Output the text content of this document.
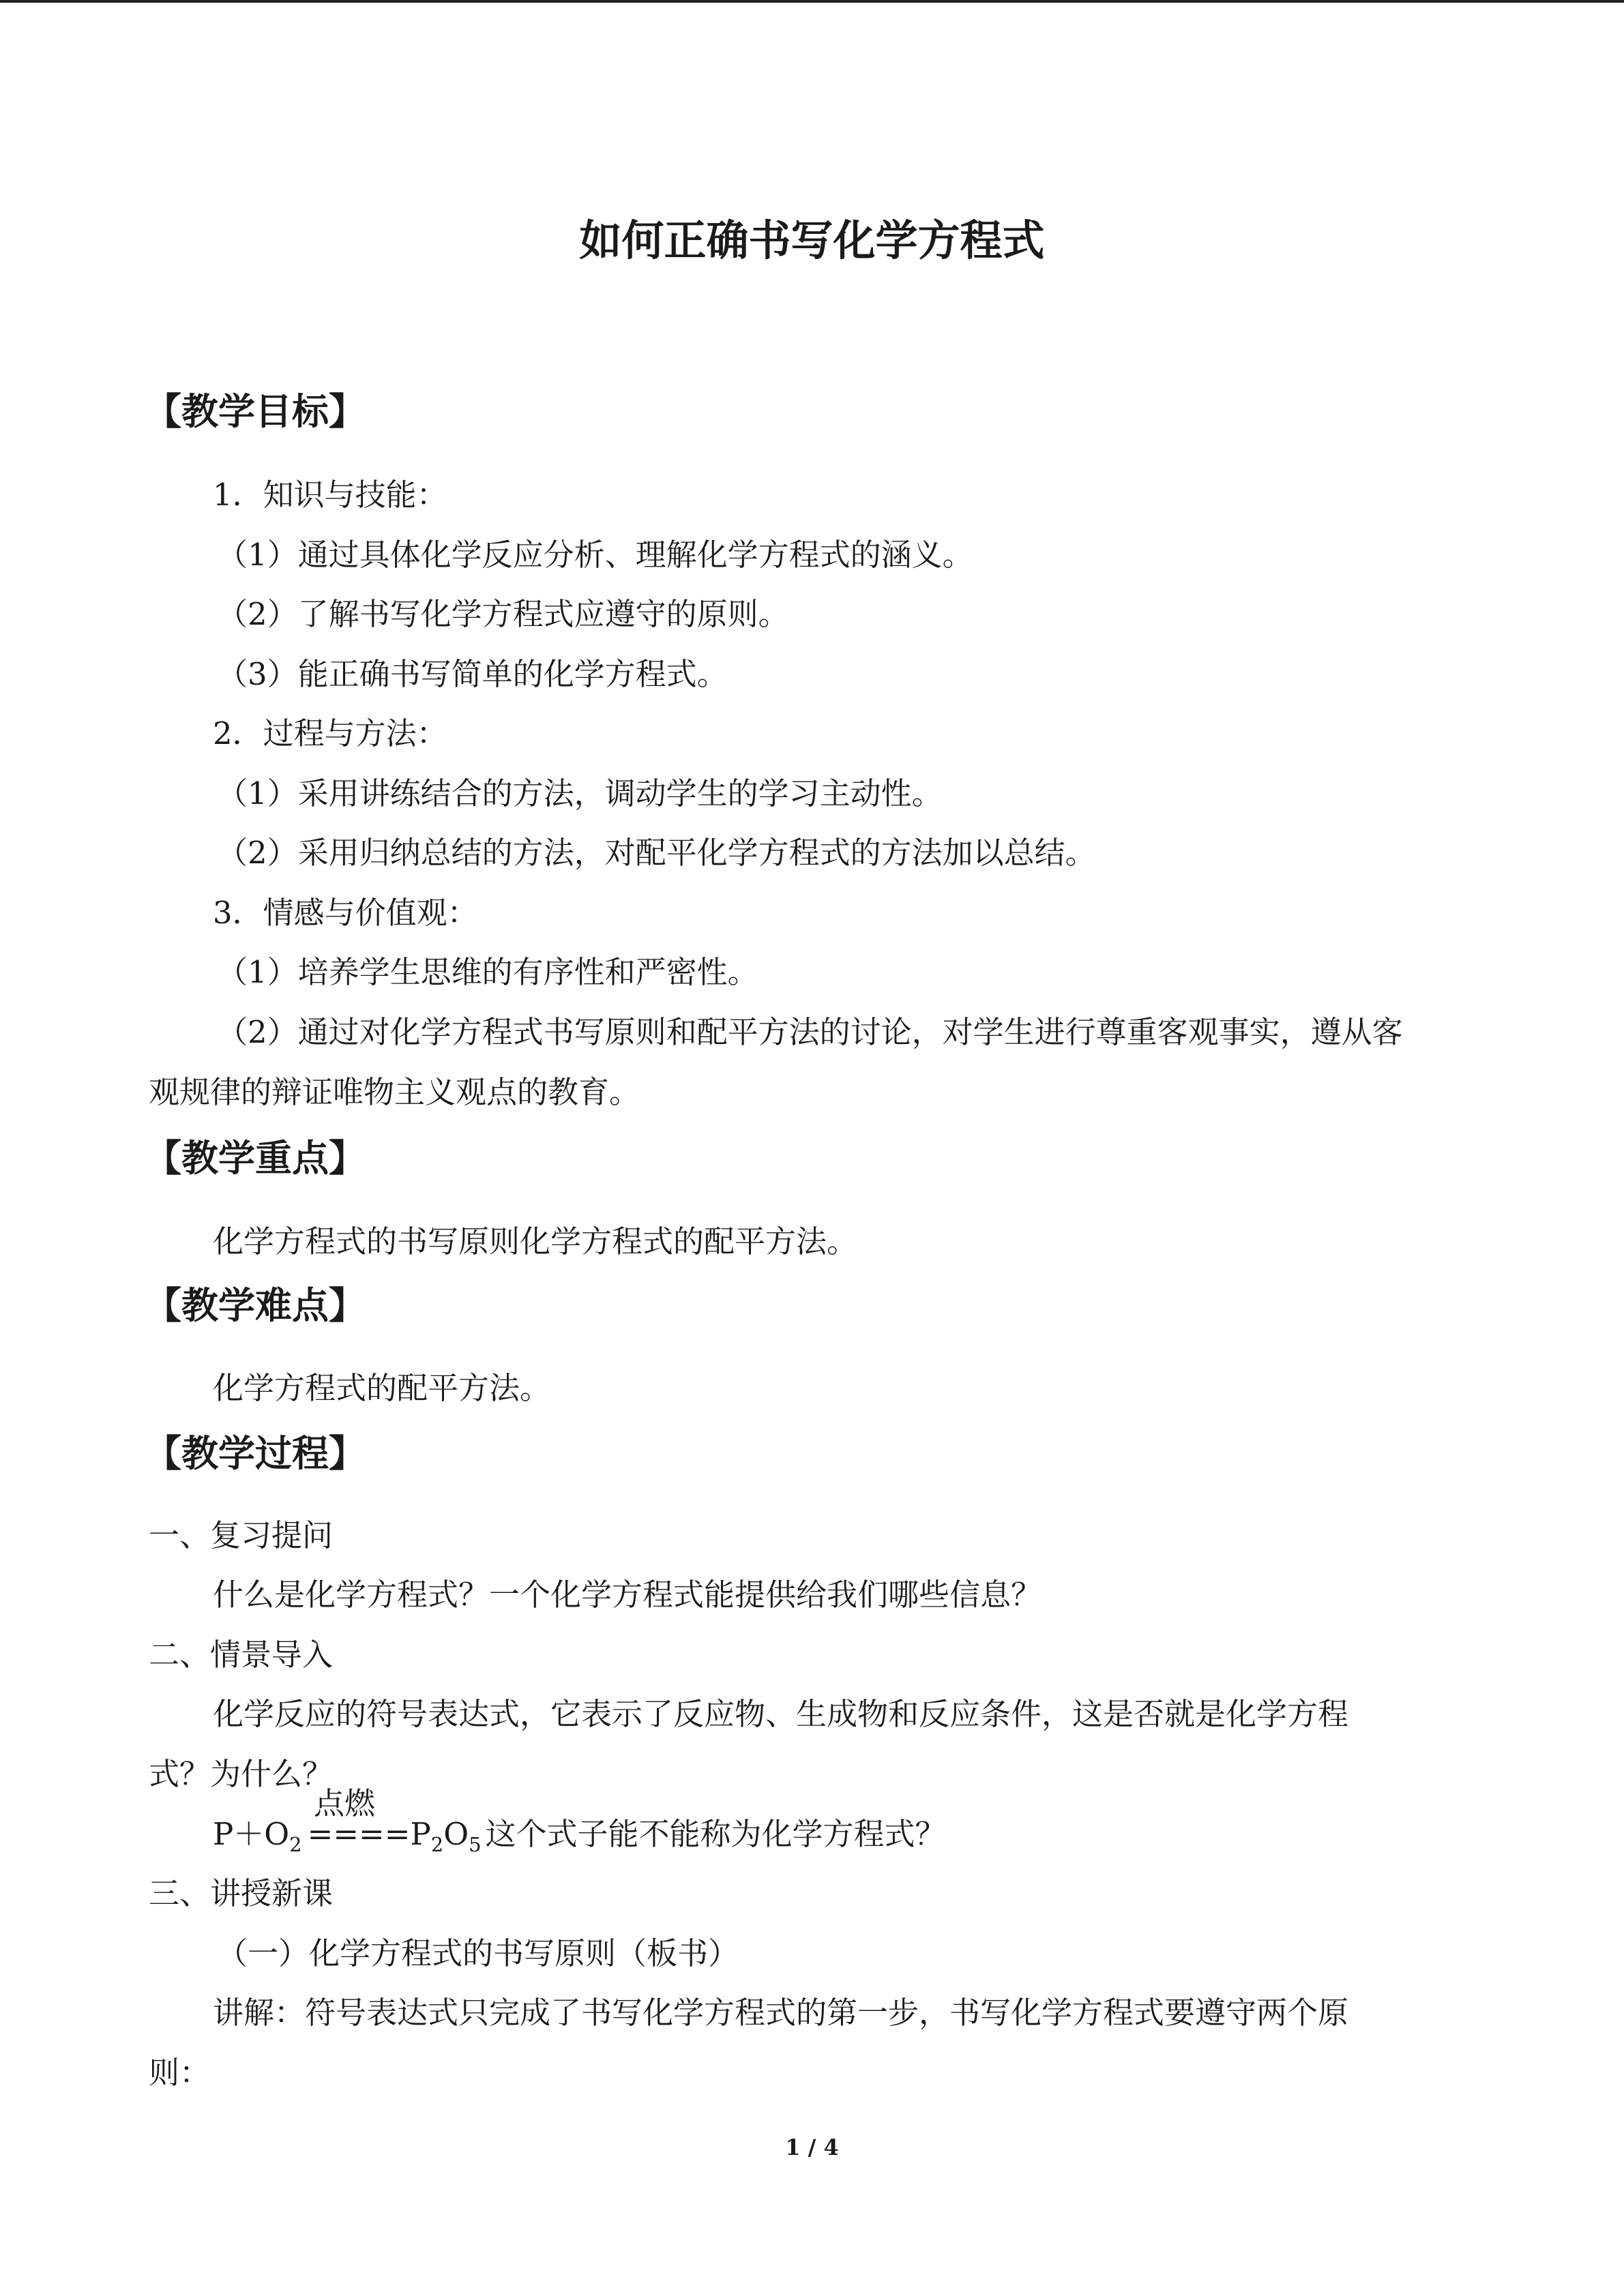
如何正确书写化学方程式
【教学目标】
1．知识与技能：
（1）通过具体化学反应分析、理解化学方程式的涵义。
（2）了解书写化学方程式应遵守的原则。
（3）能正确书写简单的化学方程式。
2．过程与方法：
（1）采用讲练结合的方法，调动学生的学习主动性。
（2）采用归纳总结的方法，对配平化学方程式的方法加以总结。
3．情感与价值观：
（1）培养学生思维的有序性和严密性。
（2）通过对化学方程式书写原则和配平方法的讨论，对学生进行尊重客观事实，遵从客
观规律的辩证唯物主义观点的教育。
【教学重点】
化学方程式的书写原则化学方程式的配平方法。
【教学难点】
化学方程式的配平方法。
【教学过程】
一、复习提问
什么是化学方程式？一个化学方程式能提供给我们哪些信息？
二、情景导入
化学反应的符号表达式，它表示了反应物、生成物和反应条件，这是否就是化学方程
式？为什么？
点燃
$P+O_2 ====P_2O_5$ 这个式子能不能称为化学方程式？
三、讲授新课
（一）化学方程式的书写原则（板书）
讲解：符号表达式只完成了书写化学方程式的第一步，书写化学方程式要遵守两个原
则：
1 / 4
